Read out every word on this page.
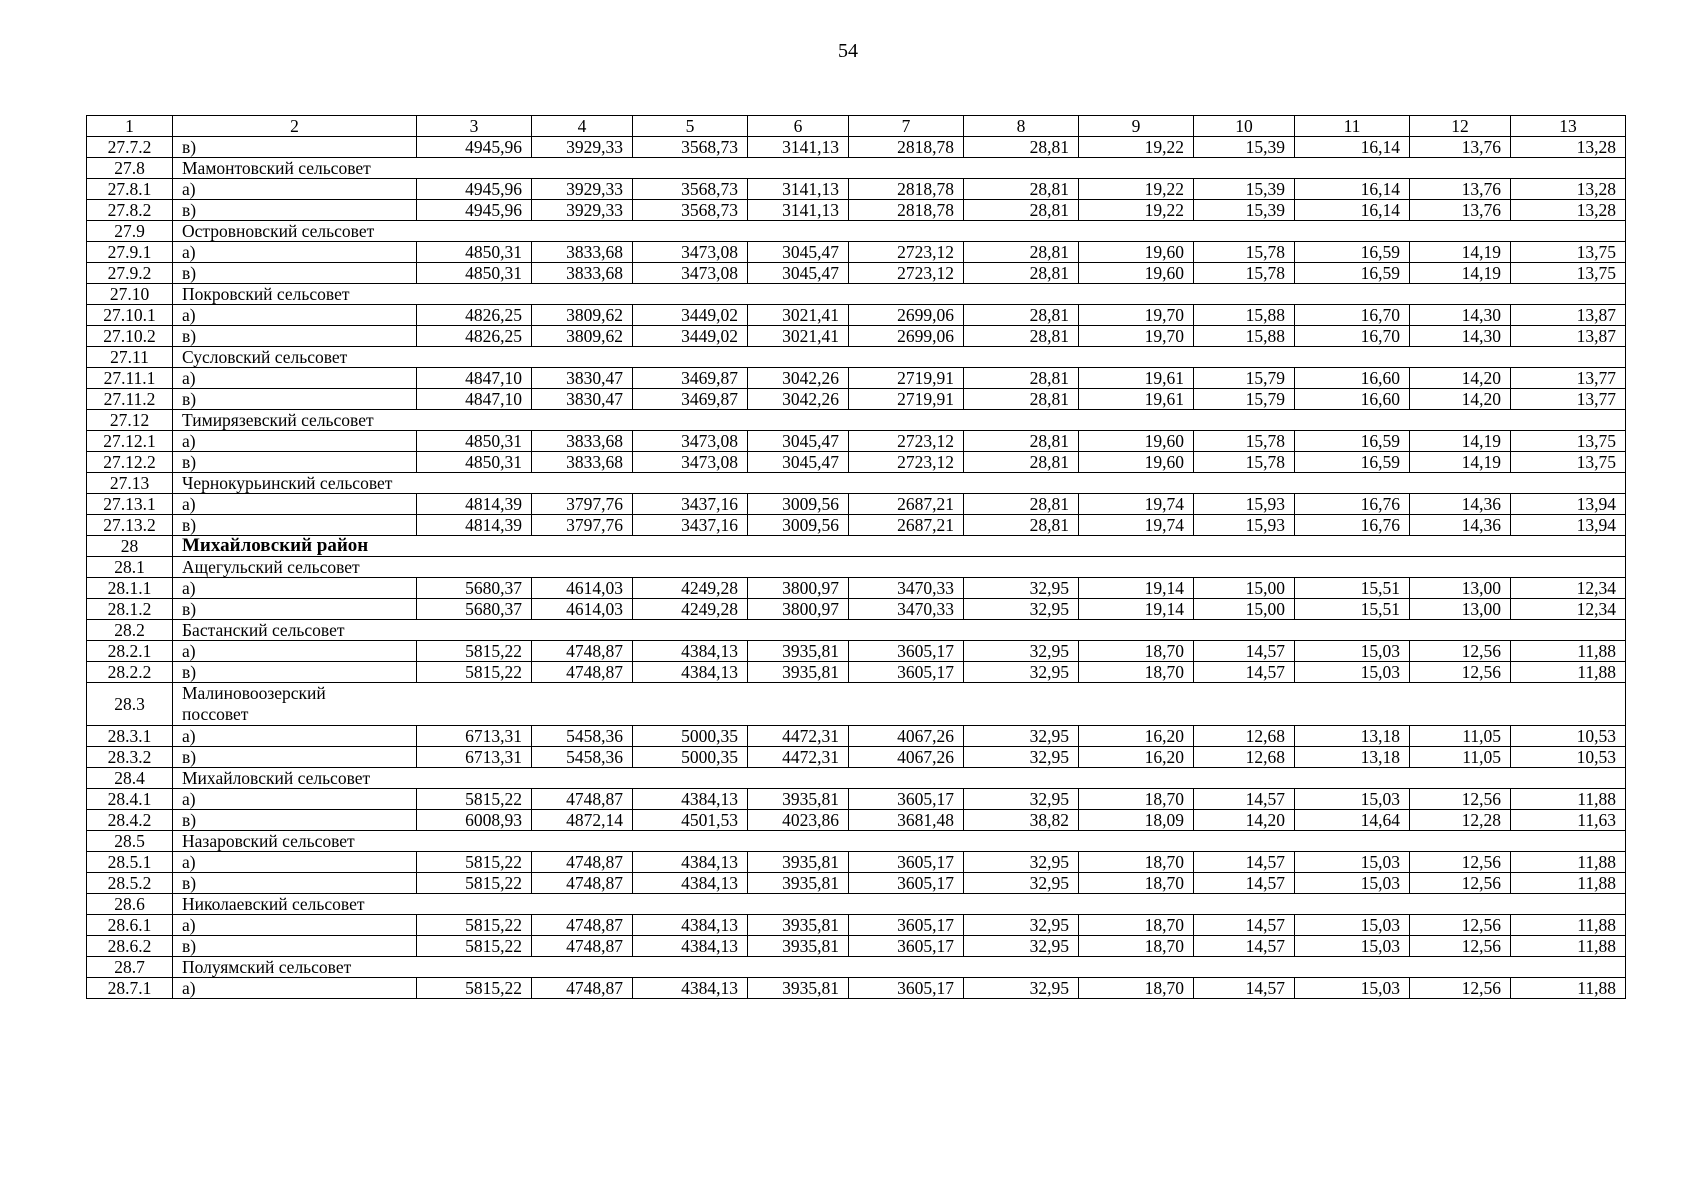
54
1	2	3	4	5	6	7	8	9	10	11	12	13
27.7.2	в)	4945,96	3929,33	3568,73	3141,13	2818,78	28,81	19,22	15,39	16,14	13,76	13,28
27.8	Мамонтовский сельсовет											
27.8.1	а)	4945,96	3929,33	3568,73	3141,13	2818,78	28,81	19,22	15,39	16,14	13,76	13,28
27.8.2	в)	4945,96	3929,33	3568,73	3141,13	2818,78	28,81	19,22	15,39	16,14	13,76	13,28
27.9	Островновский сельсовет											
27.9.1	а)	4850,31	3833,68	3473,08	3045,47	2723,12	28,81	19,60	15,78	16,59	14,19	13,75
27.9.2	в)	4850,31	3833,68	3473,08	3045,47	2723,12	28,81	19,60	15,78	16,59	14,19	13,75
27.10	Покровский сельсовет											
27.10.1	а)	4826,25	3809,62	3449,02	3021,41	2699,06	28,81	19,70	15,88	16,70	14,30	13,87
27.10.2	в)	4826,25	3809,62	3449,02	3021,41	2699,06	28,81	19,70	15,88	16,70	14,30	13,87
27.11	Сусловский сельсовет											
27.11.1	а)	4847,10	3830,47	3469,87	3042,26	2719,91	28,81	19,61	15,79	16,60	14,20	13,77
27.11.2	в)	4847,10	3830,47	3469,87	3042,26	2719,91	28,81	19,61	15,79	16,60	14,20	13,77
27.12	Тимирязевский сельсовет											
27.12.1	а)	4850,31	3833,68	3473,08	3045,47	2723,12	28,81	19,60	15,78	16,59	14,19	13,75
27.12.2	в)	4850,31	3833,68	3473,08	3045,47	2723,12	28,81	19,60	15,78	16,59	14,19	13,75
27.13	Чернокурьинский сельсовет											
27.13.1	а)	4814,39	3797,76	3437,16	3009,56	2687,21	28,81	19,74	15,93	16,76	14,36	13,94
27.13.2	в)	4814,39	3797,76	3437,16	3009,56	2687,21	28,81	19,74	15,93	16,76	14,36	13,94
28	Михайловский район											
28.1	Ащегульский сельсовет											
28.1.1	а)	5680,37	4614,03	4249,28	3800,97	3470,33	32,95	19,14	15,00	15,51	13,00	12,34
28.1.2	в)	5680,37	4614,03	4249,28	3800,97	3470,33	32,95	19,14	15,00	15,51	13,00	12,34
28.2	Бастанский сельсовет											
28.2.1	а)	5815,22	4748,87	4384,13	3935,81	3605,17	32,95	18,70	14,57	15,03	12,56	11,88
28.2.2	в)	5815,22	4748,87	4384,13	3935,81	3605,17	32,95	18,70	14,57	15,03	12,56	11,88
28.3	Малиновоозерский поссовет											
28.3.1	а)	6713,31	5458,36	5000,35	4472,31	4067,26	32,95	16,20	12,68	13,18	11,05	10,53
28.3.2	в)	6713,31	5458,36	5000,35	4472,31	4067,26	32,95	16,20	12,68	13,18	11,05	10,53
28.4	Михайловский сельсовет											
28.4.1	а)	5815,22	4748,87	4384,13	3935,81	3605,17	32,95	18,70	14,57	15,03	12,56	11,88
28.4.2	в)	6008,93	4872,14	4501,53	4023,86	3681,48	38,82	18,09	14,20	14,64	12,28	11,63
28.5	Назаровский сельсовет											
28.5.1	а)	5815,22	4748,87	4384,13	3935,81	3605,17	32,95	18,70	14,57	15,03	12,56	11,88
28.5.2	в)	5815,22	4748,87	4384,13	3935,81	3605,17	32,95	18,70	14,57	15,03	12,56	11,88
28.6	Николаевский сельсовет											
28.6.1	а)	5815,22	4748,87	4384,13	3935,81	3605,17	32,95	18,70	14,57	15,03	12,56	11,88
28.6.2	в)	5815,22	4748,87	4384,13	3935,81	3605,17	32,95	18,70	14,57	15,03	12,56	11,88
28.7	Полуямский сельсовет											
28.7.1	а)	5815,22	4748,87	4384,13	3935,81	3605,17	32,95	18,70	14,57	15,03	12,56	11,88
